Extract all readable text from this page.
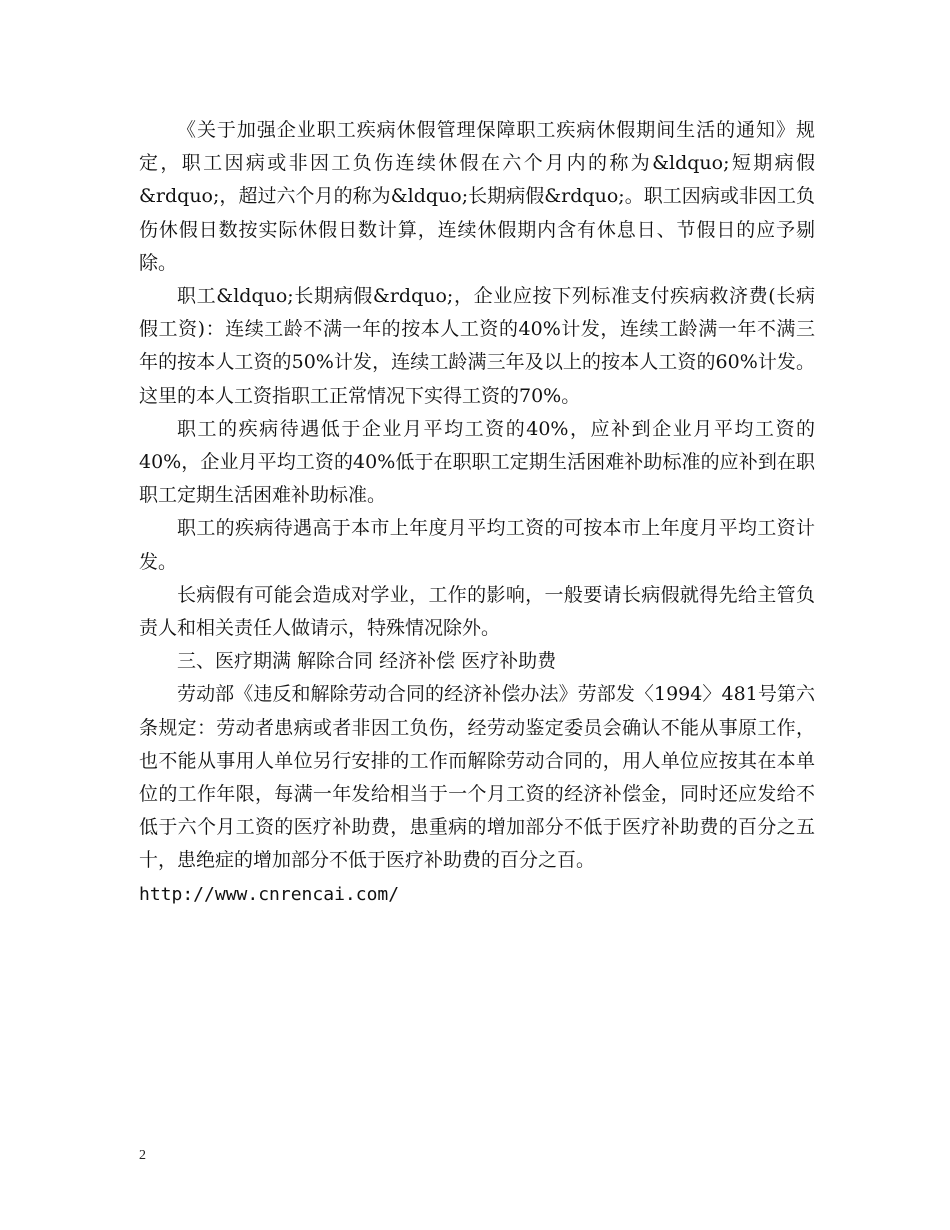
《关于加强企业职工疾病休假管理保障职工疾病休假期间生活的通知》规定，职工因病或非因工负伤连续休假在六个月内的称为&ldquo;短期病假&rdquo;，超过六个月的称为&ldquo;长期病假&rdquo;。职工因病或非因工负伤休假日数按实际休假日数计算，连续休假期内含有休息日、节假日的应予剔除。

职工&ldquo;长期病假&rdquo;，企业应按下列标准支付疾病救济费(长病假工资)：连续工龄不满一年的按本人工资的40%计发，连续工龄满一年不满三年的按本人工资的50%计发，连续工龄满三年及以上的按本人工资的60%计发。这里的本人工资指职工正常情况下实得工资的70%。

职工的疾病待遇低于企业月平均工资的40%，应补到企业月平均工资的40%，企业月平均工资的40%低于在职职工定期生活困难补助标准的应补到在职职工定期生活困难补助标准。

职工的疾病待遇高于本市上年度月平均工资的可按本市上年度月平均工资计发。

长病假有可能会造成对学业，工作的影响，一般要请长病假就得先给主管负责人和相关责任人做请示，特殊情况除外。

三、医疗期满 解除合同 经济补偿 医疗补助费

劳动部《违反和解除劳动合同的经济补偿办法》劳部发〈1994〉481号第六条规定：劳动者患病或者非因工负伤，经劳动鉴定委员会确认不能从事原工作，也不能从事用人单位另行安排的工作而解除劳动合同的，用人单位应按其在本单位的工作年限，每满一年发给相当于一个月工资的经济补偿金，同时还应发给不低于六个月工资的医疗补助费，患重病的增加部分不低于医疗补助费的百分之五十，患绝症的增加部分不低于医疗补助费的百分之百。

http://www.cnrencai.com/

2
